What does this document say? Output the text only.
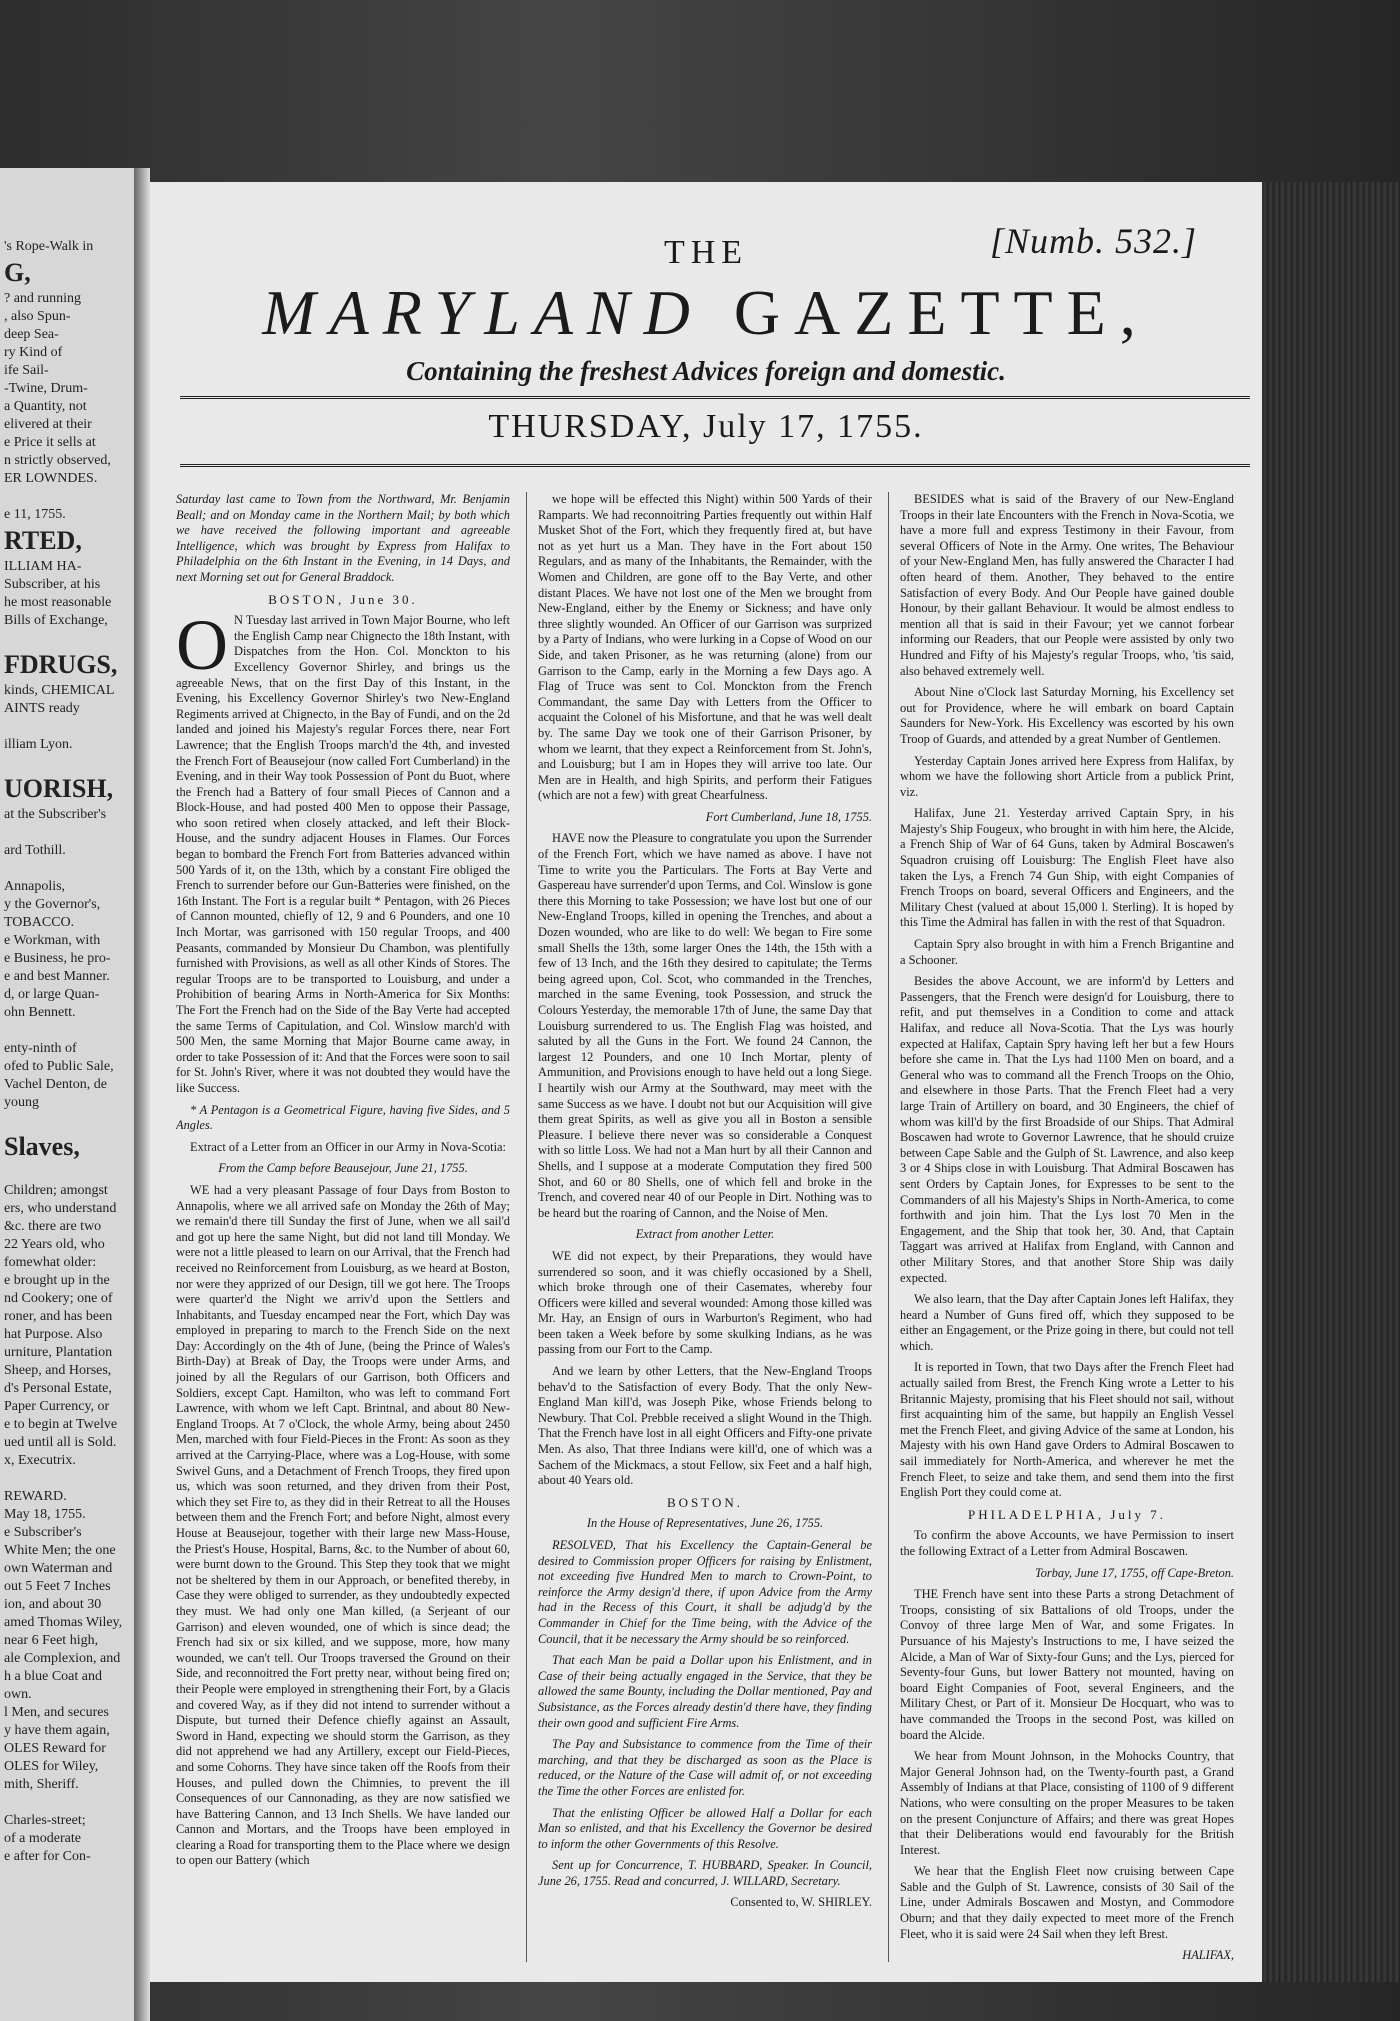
's Rope-Walk in
G,
? and running
, also Spun-
deep Sea-
ry Kind of
ife Sail-
-Twine, Drum-
a Quantity, not
elivered at their
e Price it sells at
n strictly observed,
ER LOWNDES.
e 11, 1755.
RTED,
ILLIAM HA-
Subscriber, at his
he most reasonable
Bills of Exchange,
FDRUGS,
kinds, CHEMICAL
AINTS ready
illiam Lyon.
UORISH,
at the Subscriber's
ard Tothill.
Annapolis,
y the Governor's,
TOBACCO.
e Workman, with
e Business, he pro-
e and best Manner.
d, or large Quan-
ohn Bennett.
enty-ninth of
ofed to Public Sale,
Vachel Denton, de
young
Slaves,
Children; amongst
ers, who understand
&c. there are two
22 Years old, who
fomewhat older:
e brought up in the
nd Cookery; one of
roner, and has been
hat Purpose. Also
urniture, Plantation
Sheep, and Horses,
d's Personal Estate,
Paper Currency, or
e to begin at Twelve
ued until all is Sold.
x, Executrix.
REWARD.
May 18, 1755.
e Subscriber's
White Men; the one
own Waterman and
out 5 Feet 7 Inches
ion, and about 30
amed Thomas Wiley,
near 6 Feet high,
ale Complexion, and
h a blue Coat and
own.
l Men, and secures
y have them again,
OLES Reward for
OLES for Wiley,
mith, Sheriff.
Charles-street;
of a moderate
e after for Con-
[Numb. 532.]
THE
MARYLAND GAZETTE,
Containing the freshest Advices foreign and domestic.
THURSDAY, July 17, 1755.

Saturday last came to Town from the Northward, Mr. Benjamin Beall; and on Monday came in the Northern Mail; by both which we have received the following important and agreeable Intelligence, which was brought by Express from Halifax to Philadelphia on the 6th Instant in the Evening, in 14 Days, and next Morning set out for General Braddock.

BOSTON, June 30.

O N Tuesday last arrived in Town Major Bourne, who left the English Camp near Chignecto the 18th Instant, with Dispatches from the Hon. Col. Monckton to his Excellency Governor Shirley, and brings us the agreeable News, that on the first Day of this Instant, in the Evening, his Excellency Governor Shirley's two New-England Regiments arrived at Chignecto, in the Bay of Fundi, and on the 2d landed and joined his Majesty's regular Forces there, near Fort Lawrence; that the English Troops march'd the 4th, and invested the French Fort of Beausejour (now called Fort Cumberland) in the Evening, and in their Way took Possession of Pont du Buot, where the French had a Battery of four small Pieces of Cannon and a Block-House, and had posted 400 Men to oppose their Passage, who soon retired when closely attacked, and left their Block-House, and the sundry adjacent Houses in Flames. Our Forces began to bombard the French Fort from Batteries advanced within 500 Yards of it, on the 13th, which by a constant Fire obliged the French to surrender before our Gun-Batteries were finished, on the 16th Instant. The Fort is a regular built * Pentagon, with 26 Pieces of Cannon mounted, chiefly of 12, 9 and 6 Pounders, and one 10 Inch Mortar, was garrisoned with 150 regular Troops, and 400 Peasants, commanded by Monsieur Du Chambon, was plentifully furnished with Provisions, as well as all other Kinds of Stores. The regular Troops are to be transported to Louisburg, and under a Prohibition of bearing Arms in North-America for Six Months: The Fort the French had on the Side of the Bay Verte had accepted the same Terms of Capitulation, and Col. Winslow march'd with 500 Men, the same Morning that Major Bourne came away, in order to take Possession of it: And that the Forces were soon to sail for St. John's River, where it was not doubted they would have the like Success.

* A Pentagon is a Geometrical Figure, having five Sides, and 5 Angles.

Extract of a Letter from an Officer in our Army in Nova-Scotia:

From the Camp before Beausejour, June 21, 1755.

WE had a very pleasant Passage of four Days from Boston to Annapolis, where we all arrived safe on Monday the 26th of May; we remain'd there till Sunday the first of June, when we all sail'd and got up here the same Night, but did not land till Monday. We were not a little pleased to learn on our Arrival, that the French had received no Reinforcement from Louisburg, as we heard at Boston, nor were they apprized of our Design, till we got here. The Troops were quarter'd the Night we arriv'd upon the Settlers and Inhabitants, and Tuesday encamped near the Fort, which Day was employed in preparing to march to the French Side on the next Day: Accordingly on the 4th of June, (being the Prince of Wales's Birth-Day) at Break of Day, the Troops were under Arms, and joined by all the Regulars of our Garrison, both Officers and Soldiers, except Capt. Hamilton, who was left to command Fort Lawrence, with whom we left Capt. Brintnal, and about 80 New-England Troops. At 7 o'Clock, the whole Army, being about 2450 Men, marched with four Field-Pieces in the Front: As soon as they arrived at the Carrying-Place, where was a Log-House, with some Swivel Guns, and a Detachment of French Troops, they fired upon us, which was soon returned, and they driven from their Post, which they set Fire to, as they did in their Retreat to all the Houses between them and the French Fort; and before Night, almost every House at Beausejour, together with their large new Mass-House, the Priest's House, Hospital, Barns, &c. to the Number of about 60, were burnt down to the Ground. This Step they took that we might not be sheltered by them in our Approach, or benefited thereby, in Case they were obliged to surrender, as they undoubtedly expected they must. We had only one Man killed, (a Serjeant of our Garrison) and eleven wounded, one of which is since dead; the French had six or six killed, and we suppose, more, how many wounded, we can't tell. Our Troops traversed the Ground on their Side, and reconnoitred the Fort pretty near, without being fired on; their People were employed in strengthening their Fort, by a Glacis and covered Way, as if they did not intend to surrender without a Dispute, but turned their Defence chiefly against an Assault, Sword in Hand, expecting we should storm the Garrison, as they did not apprehend we had any Artillery, except our Field-Pieces, and some Cohorns. They have since taken off the Roofs from their Houses, and pulled down the Chimnies, to prevent the ill Consequences of our Cannonading, as they are now satisfied we have Battering Cannon, and 13 Inch Shells. We have landed our Cannon and Mortars, and the Troops have been employed in clearing a Road for transporting them to the Place where we design to open our Battery (which

we hope will be effected this Night) within 500 Yards of their Ramparts. We had reconnoitring Parties frequently out within Half Musket Shot of the Fort, which they frequently fired at, but have not as yet hurt us a Man. They have in the Fort about 150 Regulars, and as many of the Inhabitants, the Remainder, with the Women and Children, are gone off to the Bay Verte, and other distant Places. We have not lost one of the Men we brought from New-England, either by the Enemy or Sickness; and have only three slightly wounded. An Officer of our Garrison was surprized by a Party of Indians, who were lurking in a Copse of Wood on our Side, and taken Prisoner, as he was returning (alone) from our Garrison to the Camp, early in the Morning a few Days ago. A Flag of Truce was sent to Col. Monckton from the French Commandant, the same Day with Letters from the Officer to acquaint the Colonel of his Misfortune, and that he was well dealt by. The same Day we took one of their Garrison Prisoner, by whom we learnt, that they expect a Reinforcement from St. John's, and Louisburg; but I am in Hopes they will arrive too late. Our Men are in Health, and high Spirits, and perform their Fatigues (which are not a few) with great Chearfulness.

Fort Cumberland, June 18, 1755.

HAVE now the Pleasure to congratulate you upon the Surrender of the French Fort, which we have named as above. I have not Time to write you the Particulars. The Forts at Bay Verte and Gaspereau have surrender'd upon Terms, and Col. Winslow is gone there this Morning to take Possession; we have lost but one of our New-England Troops, killed in opening the Trenches, and about a Dozen wounded, who are like to do well: We began to Fire some small Shells the 13th, some larger Ones the 14th, the 15th with a few of 13 Inch, and the 16th they desired to capitulate; the Terms being agreed upon, Col. Scot, who commanded in the Trenches, marched in the same Evening, took Possession, and struck the Colours Yesterday, the memorable 17th of June, the same Day that Louisburg surrendered to us. The English Flag was hoisted, and saluted by all the Guns in the Fort. We found 24 Cannon, the largest 12 Pounders, and one 10 Inch Mortar, plenty of Ammunition, and Provisions enough to have held out a long Siege. I heartily wish our Army at the Southward, may meet with the same Success as we have. I doubt not but our Acquisition will give them great Spirits, as well as give you all in Boston a sensible Pleasure. I believe there never was so considerable a Conquest with so little Loss. We had not a Man hurt by all their Cannon and Shells, and I suppose at a moderate Computation they fired 500 Shot, and 60 or 80 Shells, one of which fell and broke in the Trench, and covered near 40 of our People in Dirt. Nothing was to be heard but the roaring of Cannon, and the Noise of Men.

Extract from another Letter.

WE did not expect, by their Preparations, they would have surrendered so soon, and it was chiefly occasioned by a Shell, which broke through one of their Casemates, whereby four Officers were killed and several wounded: Among those killed was Mr. Hay, an Ensign of ours in Warburton's Regiment, who had been taken a Week before by some skulking Indians, as he was passing from our Fort to the Camp.

And we learn by other Letters, that the New-England Troops behav'd to the Satisfaction of every Body. That the only New-England Man kill'd, was Joseph Pike, whose Friends belong to Newbury. That Col. Prebble received a slight Wound in the Thigh. That the French have lost in all eight Officers and Fifty-one private Men. As also, That three Indians were kill'd, one of which was a Sachem of the Mickmacs, a stout Fellow, six Feet and a half high, about 40 Years old.

BOSTON.

In the House of Representatives, June 26, 1755.

RESOLVED, That his Excellency the Captain-General be desired to Commission proper Officers for raising by Enlistment, not exceeding five Hundred Men to march to Crown-Point, to reinforce the Army design'd there, if upon Advice from the Army had in the Recess of this Court, it shall be adjudg'd by the Commander in Chief for the Time being, with the Advice of the Council, that it be necessary the Army should be so reinforced.

That each Man be paid a Dollar upon his Enlistment, and in Case of their being actually engaged in the Service, that they be allowed the same Bounty, including the Dollar mentioned, Pay and Subsistance, as the Forces already destin'd there have, they finding their own good and sufficient Fire Arms.

The Pay and Subsistance to commence from the Time of their marching, and that they be discharged as soon as the Place is reduced, or the Nature of the Case will admit of, or not exceeding the Time the other Forces are enlisted for.

That the enlisting Officer be allowed Half a Dollar for each Man so enlisted, and that his Excellency the Governor be desired to inform the other Governments of this Resolve.

Sent up for Concurrence, T. HUBBARD, Speaker. In Council, June 26, 1755. Read and concurred, J. WILLARD, Secretary.

Consented to, W. SHIRLEY.

BESIDES what is said of the Bravery of our New-England Troops in their late Encounters with the French in Nova-Scotia, we have a more full and express Testimony in their Favour, from several Officers of Note in the Army. One writes, The Behaviour of your New-England Men, has fully answered the Character I had often heard of them. Another, They behaved to the entire Satisfaction of every Body. And Our People have gained double Honour, by their gallant Behaviour. It would be almost endless to mention all that is said in their Favour; yet we cannot forbear informing our Readers, that our People were assisted by only two Hundred and Fifty of his Majesty's regular Troops, who, 'tis said, also behaved extremely well.

About Nine o'Clock last Saturday Morning, his Excellency set out for Providence, where he will embark on board Captain Saunders for New-York. His Excellency was escorted by his own Troop of Guards, and attended by a great Number of Gentlemen.

Yesterday Captain Jones arrived here Express from Halifax, by whom we have the following short Article from a publick Print, viz.

Halifax, June 21. Yesterday arrived Captain Spry, in his Majesty's Ship Fougeux, who brought in with him here, the Alcide, a French Ship of War of 64 Guns, taken by Admiral Boscawen's Squadron cruising off Louisburg: The English Fleet have also taken the Lys, a French 74 Gun Ship, with eight Companies of French Troops on board, several Officers and Engineers, and the Military Chest (valued at about 15,000 l. Sterling). It is hoped by this Time the Admiral has fallen in with the rest of that Squadron.

Captain Spry also brought in with him a French Brigantine and a Schooner.

Besides the above Account, we are inform'd by Letters and Passengers, that the French were design'd for Louisburg, there to refit, and put themselves in a Condition to come and attack Halifax, and reduce all Nova-Scotia. That the Lys was hourly expected at Halifax, Captain Spry having left her but a few Hours before she came in. That the Lys had 1100 Men on board, and a General who was to command all the French Troops on the Ohio, and elsewhere in those Parts. That the French Fleet had a very large Train of Artillery on board, and 30 Engineers, the chief of whom was kill'd by the first Broadside of our Ships. That Admiral Boscawen had wrote to Governor Lawrence, that he should cruize between Cape Sable and the Gulph of St. Lawrence, and also keep 3 or 4 Ships close in with Louisburg. That Admiral Boscawen has sent Orders by Captain Jones, for Expresses to be sent to the Commanders of all his Majesty's Ships in North-America, to come forthwith and join him. That the Lys lost 70 Men in the Engagement, and the Ship that took her, 30. And, that Captain Taggart was arrived at Halifax from England, with Cannon and other Military Stores, and that another Store Ship was daily expected.

We also learn, that the Day after Captain Jones left Halifax, they heard a Number of Guns fired off, which they supposed to be either an Engagement, or the Prize going in there, but could not tell which.

It is reported in Town, that two Days after the French Fleet had actually sailed from Brest, the French King wrote a Letter to his Britannic Majesty, promising that his Fleet should not sail, without first acquainting him of the same, but happily an English Vessel met the French Fleet, and giving Advice of the same at London, his Majesty with his own Hand gave Orders to Admiral Boscawen to sail immediately for North-America, and wherever he met the French Fleet, to seize and take them, and send them into the first English Port they could come at.

PHILADELPHIA, July 7.

To confirm the above Accounts, we have Permission to insert the following Extract of a Letter from Admiral Boscawen.

Torbay, June 17, 1755, off Cape-Breton.

THE French have sent into these Parts a strong Detachment of Troops, consisting of six Battalions of old Troops, under the Convoy of three large Men of War, and some Frigates. In Pursuance of his Majesty's Instructions to me, I have seized the Alcide, a Man of War of Sixty-four Guns; and the Lys, pierced for Seventy-four Guns, but lower Battery not mounted, having on board Eight Companies of Foot, several Engineers, and the Military Chest, or Part of it. Monsieur De Hocquart, who was to have commanded the Troops in the second Post, was killed on board the Alcide.

We hear from Mount Johnson, in the Mohocks Country, that Major General Johnson had, on the Twenty-fourth past, a Grand Assembly of Indians at that Place, consisting of 1100 of 9 different Nations, who were consulting on the proper Measures to be taken on the present Conjuncture of Affairs; and there was great Hopes that their Deliberations would end favourably for the British Interest.

We hear that the English Fleet now cruising between Cape Sable and the Gulph of St. Lawrence, consists of 30 Sail of the Line, under Admirals Boscawen and Mostyn, and Commodore Oburn; and that they daily expected to meet more of the French Fleet, who it is said were 24 Sail when they left Brest.

HALIFAX,
